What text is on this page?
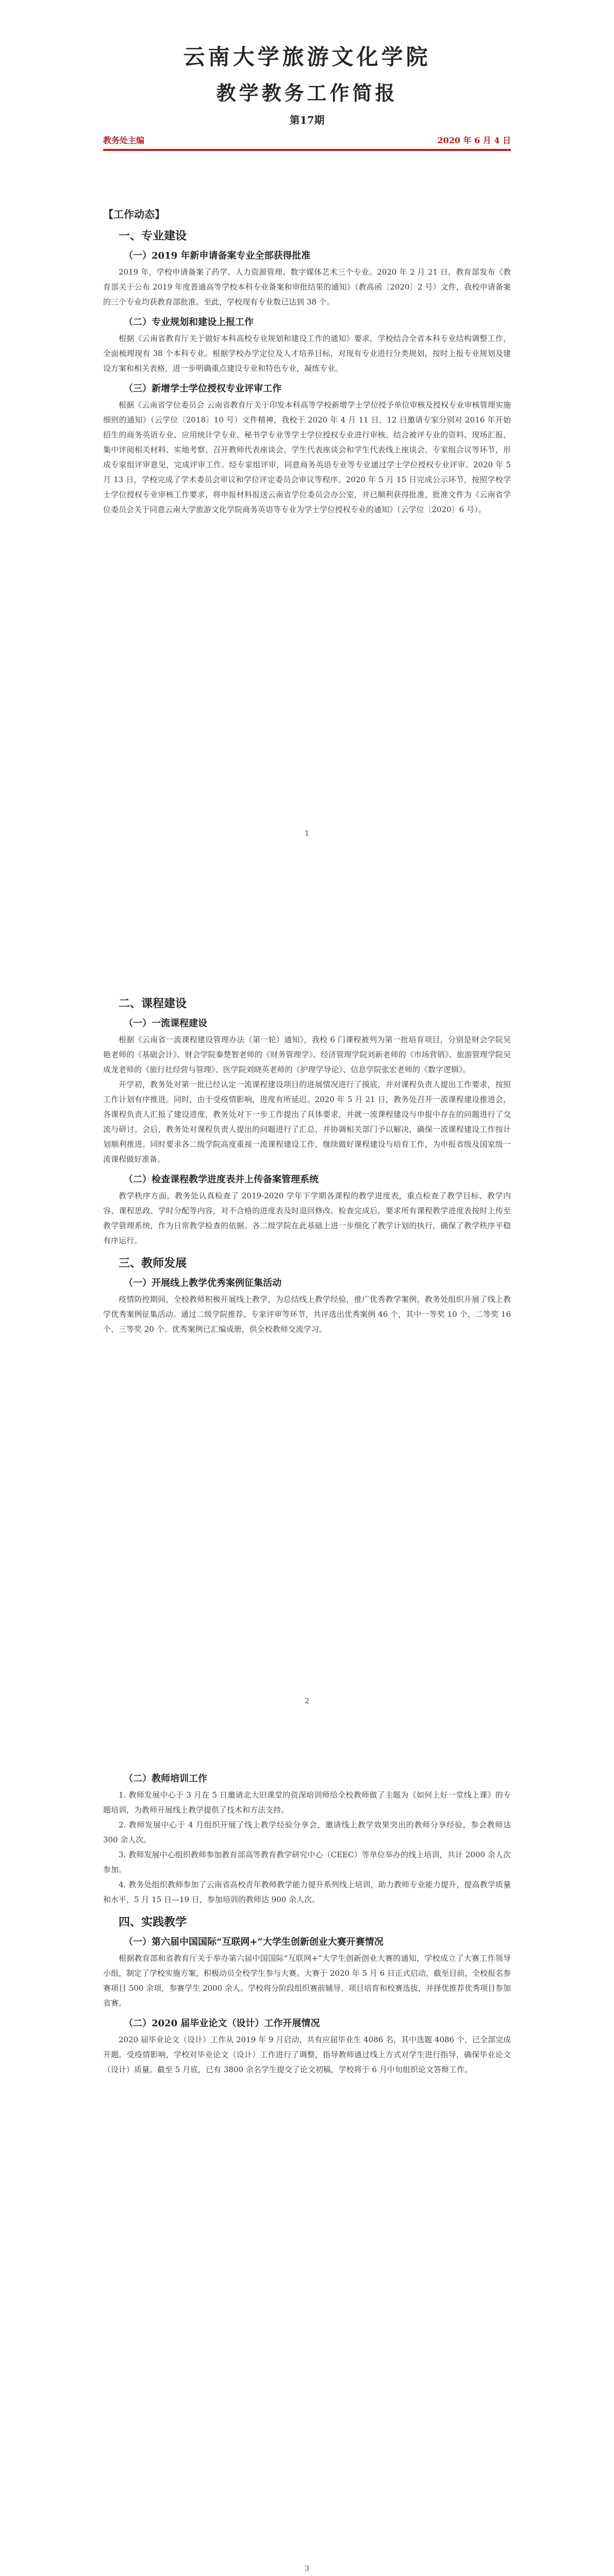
云南大学旅游文化学院
教学教务工作简报
第17期
教务处主编	2020 年 6 月 4 日
【工作动态】
一、专业建设
（一）2019 年新申请备案专业全部获得批准

2019 年，学校申请备案了药学、人力资源管理、数字媒体艺术三个专业。2020 年 2 月 21 日，教育部发布《教育部关于公布 2019 年度普通高等学校本科专业备案和审批结果的通知》（教高函〔2020〕2 号）文件，我校申请备案的三个专业均获教育部批准。至此，学校现有专业数已达到 38 个。

（二）专业规划和建设上报工作

根据《云南省教育厅关于做好本科高校专业规划和建设工作的通知》要求，学校结合全省本科专业结构调整工作，全面梳理现有 38 个本科专业。根据学校办学定位及人才培养目标，对现有专业进行分类规划，按时上报专业规划及建设方案和相关表格，进一步明确重点建设专业和特色专业，凝练专业。

（三）新增学士学位授权专业评审工作

根据《云南省学位委员会 云南省教育厅关于印发本科高等学校新增学士学位授予单位审核及授权专业审核管理实施细则的通知》（云学位〔2018〕10 号）文件精神，我校于 2020 年 4 月 11 日、12 日邀请专家分别对 2016 年开始招生的商务英语专业、应用统计学专业、秘书学专业等学士学位授权专业进行审核。结合被评专业的资料、现场汇报、集中评阅相关材料、实地考察、召开教师代表座谈会、学生代表座谈会和学生代表线上座谈会、专家组合议等环节，形成专家组评审意见，完成评审工作。经专家组评审，同意商务英语专业等专业通过学士学位授权专业评审。2020 年 5 月 13 日，学校完成了学术委员会审议和学位评定委员会审议等程序。2020 年 5 月 15 日完成公示环节，按照学校学士学位授权专业审核工作要求，将申报材料报送云南省学位委员会办公室，并已顺利获得批准，批准文件为《云南省学位委员会关于同意云南大学旅游文化学院商务英语等专业为学士学位授权专业的通知》（云学位〔2020〕6 号）。

1
二、课程建设
（一）一流课程建设

根据《云南省一流课程建设管理办法（第一轮）通知》，我校 6 门课程被列为第一批培育项目，分别是财会学院吴艳老师的《基础会计》、财会学院秦楚智老师的《财务管理学》、经济管理学院刘新老师的《市场营销》、旅游管理学院吴成龙老师的《旅行社经营与管理》、医学院刘晓英老师的《护理学导论》、信息学院张宏老师的《数字逻辑》。

开学初，教务处对第一批已经认定一流课程建设项目的进展情况进行了摸底，并对课程负责人提出工作要求，按照工作计划有序推进。同时，由于受疫情影响，进度有所延迟。2020 年 5 月 21 日，教务处召开一流课程建设推进会，各课程负责人汇报了建设进度，教务处对下一步工作提出了具体要求，并就一流课程建设与申报中存在的问题进行了交流与研讨。会后，教务处对课程负责人提出的问题进行了汇总，并协调相关部门予以解决，确保一流课程建设工作按计划顺利推进。同时要求各二级学院高度重视一流课程建设工作，继续做好课程建设与培育工作，为申报省级及国家级一流课程做好准备。

（二）检查课程教学进度表并上传备案管理系统

教学秩序方面，教务处认真检查了 2019-2020 学年下学期各课程的教学进度表，重点检查了教学目标、教学内容、课程思政、学时分配等内容，对不合格的进度表及时退回修改。检查完成后，要求所有课程教学进度表按时上传至教学管理系统，作为日常教学检查的依据。各二级学院在此基础上进一步细化了教学计划的执行，确保了教学秩序平稳有序运行。

三、教师发展
（一）开展线上教学优秀案例征集活动

疫情防控期间，全校教师积极开展线上教学，为总结线上教学经验，推广优秀教学案例，教务处组织开展了线上教学优秀案例征集活动。通过二级学院推荐、专家评审等环节，共评选出优秀案例 46 个，其中一等奖 10 个、二等奖 16 个、三等奖 20 个。优秀案例已汇编成册，供全校教师交流学习。

2
（二）教师培训工作

1. 教师发展中心于 3 月在 5 日邀请北大旧课堂的资深培训师给全校教师做了主题为《如何上好一堂线上课》的专题培训，为教师开展线上教学提供了技术和方法支持。

2. 教师发展中心于 4 月组织开展了线上教学经验分享会，邀请线上教学效果突出的教师分享经验，参会教师达 300 余人次。

3. 教师发展中心组织教师参加教育部高等教育教学研究中心（CEEC）等单位举办的线上培训，共计 2000 余人次参加。

4. 教务处组织教师参加了云南省高校青年教师教学能力提升系列线上培训，助力教师专业能力提升，提高教学质量和水平，5 月 15 日—19 日，参加培训的教师达 900 余人次。

四、实践教学
（一）第六届中国国际“互联网+”大学生创新创业大赛开赛情况

根据教育部和省教育厅关于举办第六届中国国际“互联网+”大学生创新创业大赛的通知，学校成立了大赛工作领导小组，制定了学校实施方案，积极动员全校学生参与大赛。大赛于 2020 年 5 月 6 日正式启动，截至目前，全校报名参赛项目 500 余项，参赛学生 2000 余人。学校将分阶段组织赛前辅导、项目培育和校赛选拔，并择优推荐优秀项目参加省赛。

（二）2020 届毕业论文（设计）工作开展情况

2020 届毕业论文（设计）工作从 2019 年 9 月启动，共有应届毕业生 4086 名，其中选题 4086 个，已全部完成开题。受疫情影响，学校对毕业论文（设计）工作进行了调整，指导教师通过线上方式对学生进行指导，确保毕业论文（设计）质量。截至 5 月底，已有 3800 余名学生提交了论文初稿，学校将于 6 月中旬组织论文答辩工作。

3
